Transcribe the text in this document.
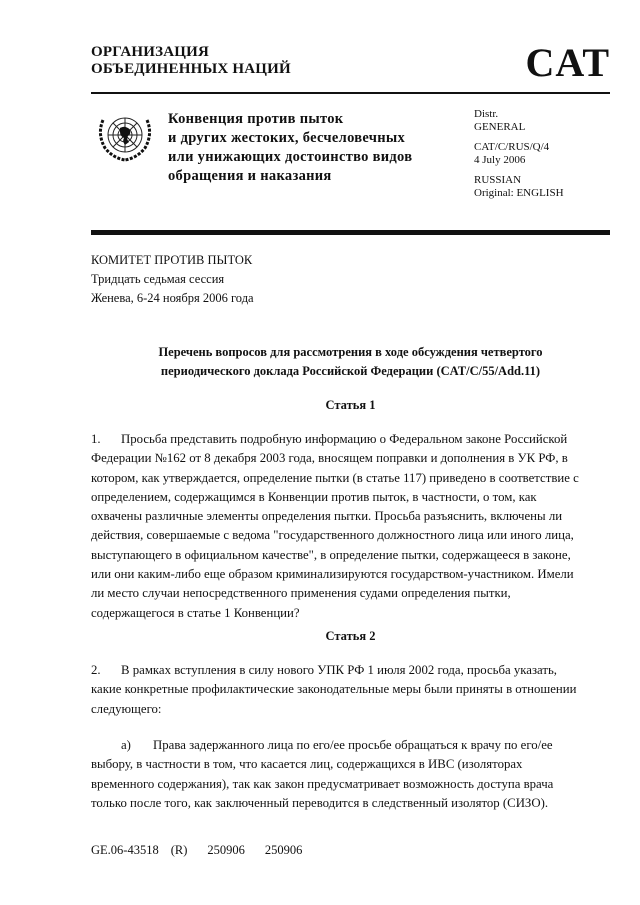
ОРГАНИЗАЦИЯ
ОБЪЕДИНЕННЫХ НАЦИЙ	CAT
Конвенция против пыток
и других жестоких, бесчеловечных
или унижающих достоинство видов
обращения и наказания
Distr.
GENERAL
CAT/C/RUS/Q/4
4 July 2006
RUSSIAN
Original: ENGLISH
КОМИТЕТ ПРОТИВ ПЫТОК
Тридцать седьмая сессия
Женева, 6-24 ноября 2006 года
Перечень вопросов для рассмотрения в ходе обсуждения четвертого
периодического доклада Российской Федерации (CAT/C/55/Add.11)
Статья 1
1. Просьба представить подробную информацию о Федеральном законе Российской
Федерации №162 от 8 декабря 2003 года, вносящем поправки и дополнения в УК РФ, в
котором, как утверждается, определение пытки (в статье 117) приведено в соответствие с
определением, содержащимся в Конвенции против пыток, в частности, о том, как
охвачены различные элементы определения пытки. Просьба разъяснить, включены ли
действия, совершаемые с ведома "государственного должностного лица или иного лица,
выступающего в официальном качестве", в определение пытки, содержащееся в законе,
или они каким-либо еще образом криминализируются государством-участником. Имели
ли место случаи непосредственного применения судами определения пытки,
содержащегося в статье 1 Конвенции?
Статья 2
2. В рамках вступления в силу нового УПК РФ 1 июля 2002 года, просьба указать,
какие конкретные профилактические законодательные меры были приняты в отношении
следующего:
a) Права задержанного лица по его/ее просьбе обращаться к врачу по его/ее
выбору, в частности в том, что касается лиц, содержащихся в ИВС (изоляторах
временного содержания), так как закон предусматривает возможность доступа врача
только после того, как заключенный переводится в следственный изолятор (СИЗО).
GE.06-43518 (R) 250906 250906
